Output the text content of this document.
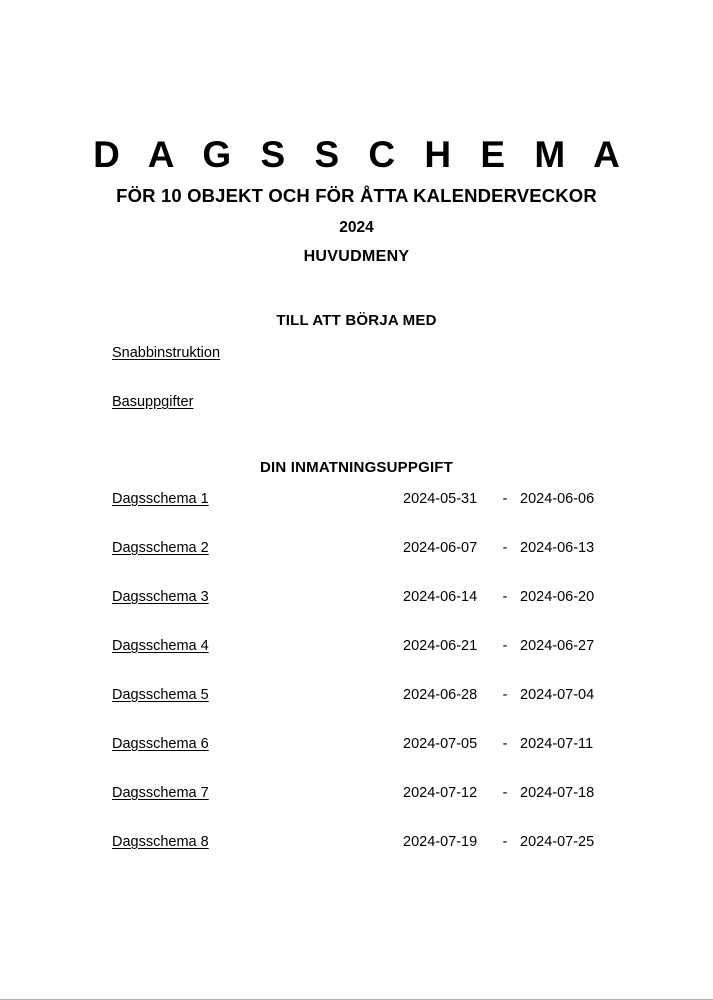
D A G S S C H E M A
FÖR 10 OBJEKT OCH FÖR ÅTTA KALENDERVECKOR
2024
HUVUDMENY
TILL ATT BÖRJA MED
Snabbinstruktion
Basuppgifter
DIN INMATNINGSUPPGIFT
Dagsschema 1	2024-05-31	- 2024-06-06
Dagsschema 2	2024-06-07	- 2024-06-13
Dagsschema 3	2024-06-14	- 2024-06-20
Dagsschema 4	2024-06-21	- 2024-06-27
Dagsschema 5	2024-06-28	- 2024-07-04
Dagsschema 6	2024-07-05	- 2024-07-11
Dagsschema 7	2024-07-12	- 2024-07-18
Dagsschema 8	2024-07-19	- 2024-07-25
